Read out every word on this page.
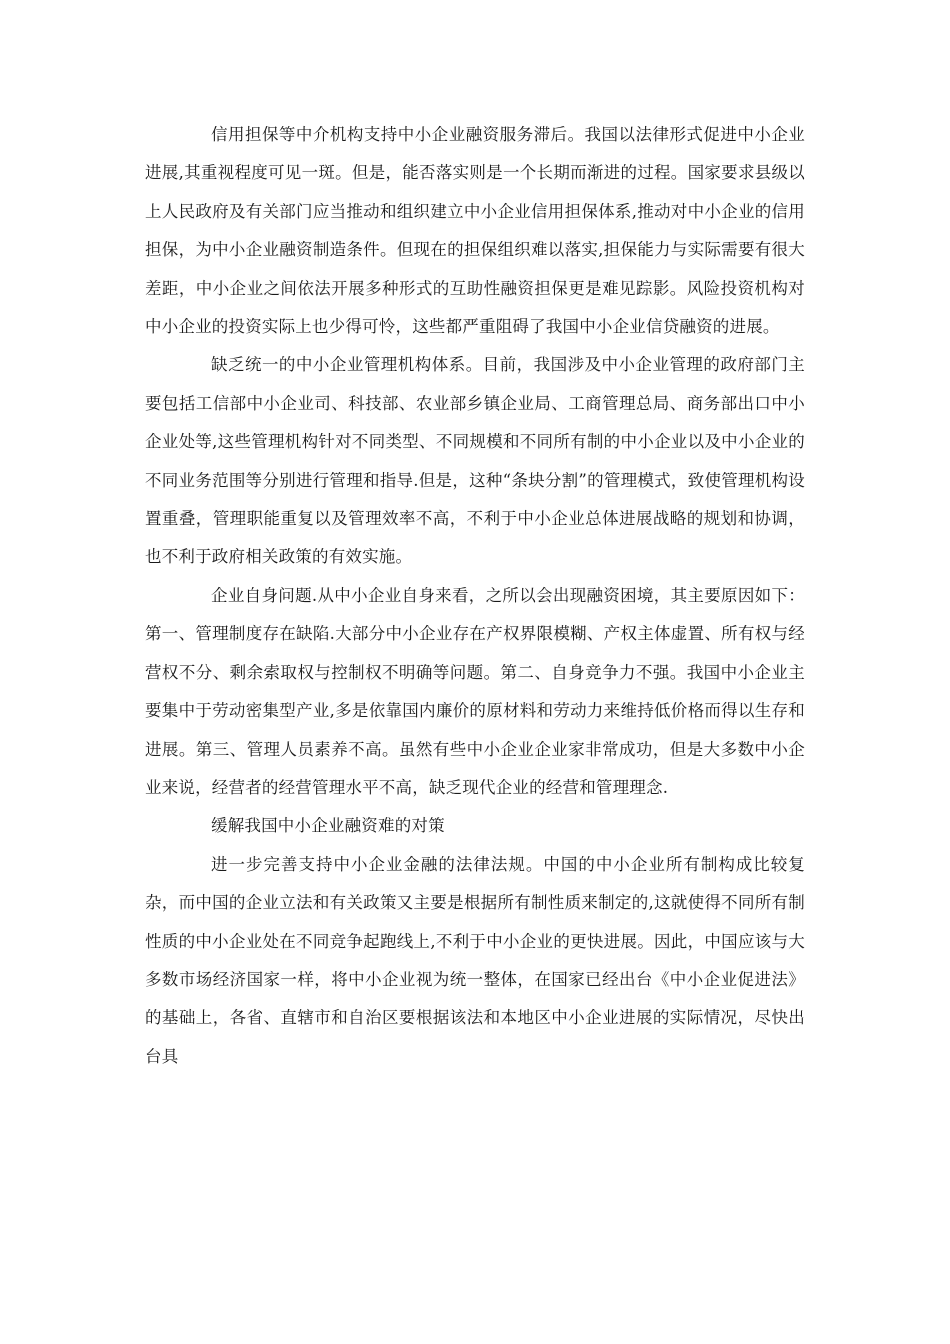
信用担保等中介机构支持中小企业融资服务滞后。我国以法律形式促进中小企业进展,其重视程度可见一斑。但是，能否落实则是一个长期而渐进的过程。国家要求县级以上人民政府及有关部门应当推动和组织建立中小企业信用担保体系,推动对中小企业的信用担保，为中小企业融资制造条件。但现在的担保组织难以落实,担保能力与实际需要有很大差距，中小企业之间依法开展多种形式的互助性融资担保更是难见踪影。风险投资机构对中小企业的投资实际上也少得可怜，这些都严重阻碍了我国中小企业信贷融资的进展。

缺乏统一的中小企业管理机构体系。目前，我国涉及中小企业管理的政府部门主要包括工信部中小企业司、科技部、农业部乡镇企业局、工商管理总局、商务部出口中小企业处等,这些管理机构针对不同类型、不同规模和不同所有制的中小企业以及中小企业的不同业务范围等分别进行管理和指导.但是，这种“条块分割”的管理模式，致使管理机构设置重叠，管理职能重复以及管理效率不高，不利于中小企业总体进展战略的规划和协调，也不利于政府相关政策的有效实施。

企业自身问题.从中小企业自身来看，之所以会出现融资困境，其主要原因如下：第一、管理制度存在缺陷.大部分中小企业存在产权界限模糊、产权主体虚置、所有权与经营权不分、剩余索取权与控制权不明确等问题。第二、自身竞争力不强。我国中小企业主要集中于劳动密集型产业,多是依靠国内廉价的原材料和劳动力来维持低价格而得以生存和进展。第三、管理人员素养不高。虽然有些中小企业企业家非常成功，但是大多数中小企业来说，经营者的经营管理水平不高，缺乏现代企业的经营和管理理念.

缓解我国中小企业融资难的对策

进一步完善支持中小企业金融的法律法规。中国的中小企业所有制构成比较复杂，而中国的企业立法和有关政策又主要是根据所有制性质来制定的,这就使得不同所有制性质的中小企业处在不同竞争起跑线上,不利于中小企业的更快进展。因此，中国应该与大多数市场经济国家一样，将中小企业视为统一整体，在国家已经出台《中小企业促进法》的基础上，各省、直辖市和自治区要根据该法和本地区中小企业进展的实际情况，尽快出台具
